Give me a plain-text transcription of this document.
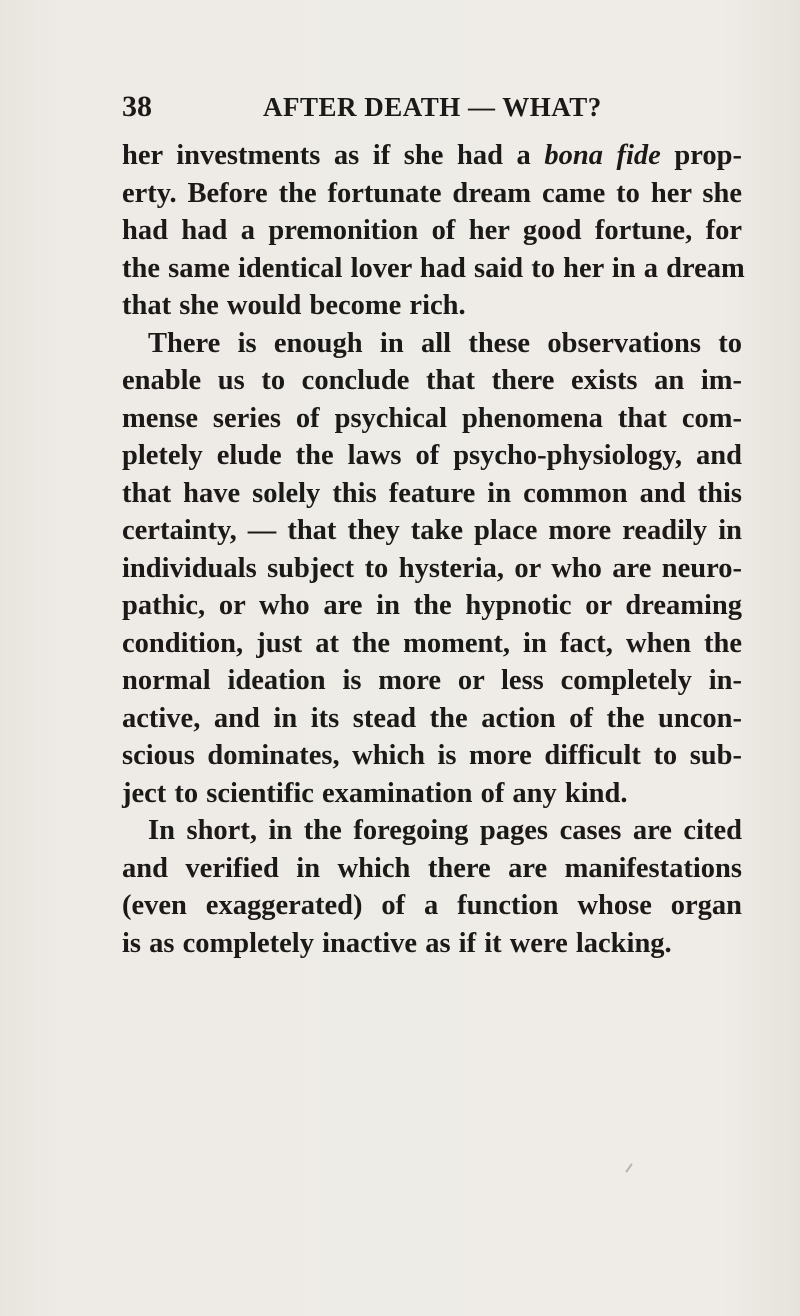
38	AFTER DEATH — WHAT?
her investments as if she had a bona fide prop-
erty. Before the fortunate dream came to her she
had had a premonition of her good fortune, for
the same identical lover had said to her in a dream
that she would become rich.
There is enough in all these observations to
enable us to conclude that there exists an im-
mense series of psychical phenomena that com-
pletely elude the laws of psycho-physiology, and
that have solely this feature in common and this
certainty, — that they take place more readily in
individuals subject to hysteria, or who are neuro-
pathic, or who are in the hypnotic or dreaming
condition, just at the moment, in fact, when the
normal ideation is more or less completely in-
active, and in its stead the action of the uncon-
scious dominates, which is more difficult to sub-
ject to scientific examination of any kind.
In short, in the foregoing pages cases are cited
and verified in which there are manifestations
(even exaggerated) of a function whose organ
is as completely inactive as if it were lacking.
